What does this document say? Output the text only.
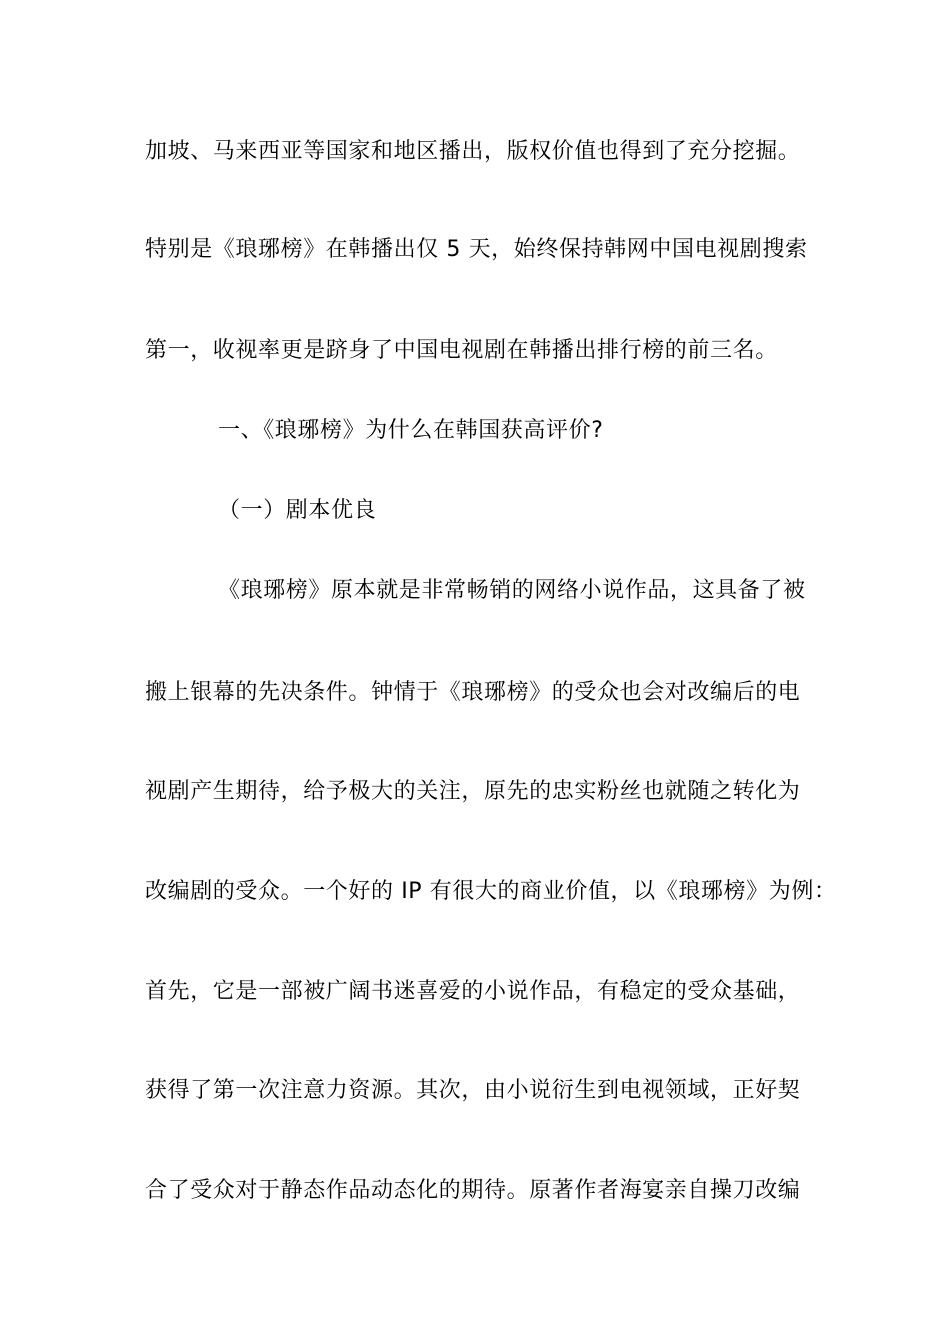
加坡、马来西亚等国家和地区播出，版权价值也得到了充分挖掘。
特别是《琅琊榜》在韩播出仅 5 天，始终保持韩网中国电视剧搜索
第一，收视率更是跻身了中国电视剧在韩播出排行榜的前三名。
一、《琅琊榜》为什么在韩国获高评价?
（一）剧本优良
《琅琊榜》原本就是非常畅销的网络小说作品，这具备了被
搬上银幕的先决条件。钟情于《琅琊榜》的受众也会对改编后的电
视剧产生期待，给予极大的关注，原先的忠实粉丝也就随之转化为
改编剧的受众。一个好的 IP 有很大的商业价值，以《琅琊榜》为例：
首先，它是一部被广阔书迷喜爱的小说作品，有稳定的受众基础，
获得了第一次注意力资源。其次，由小说衍生到电视领域，正好契
合了受众对于静态作品动态化的期待。原著作者海宴亲自操刀改编
